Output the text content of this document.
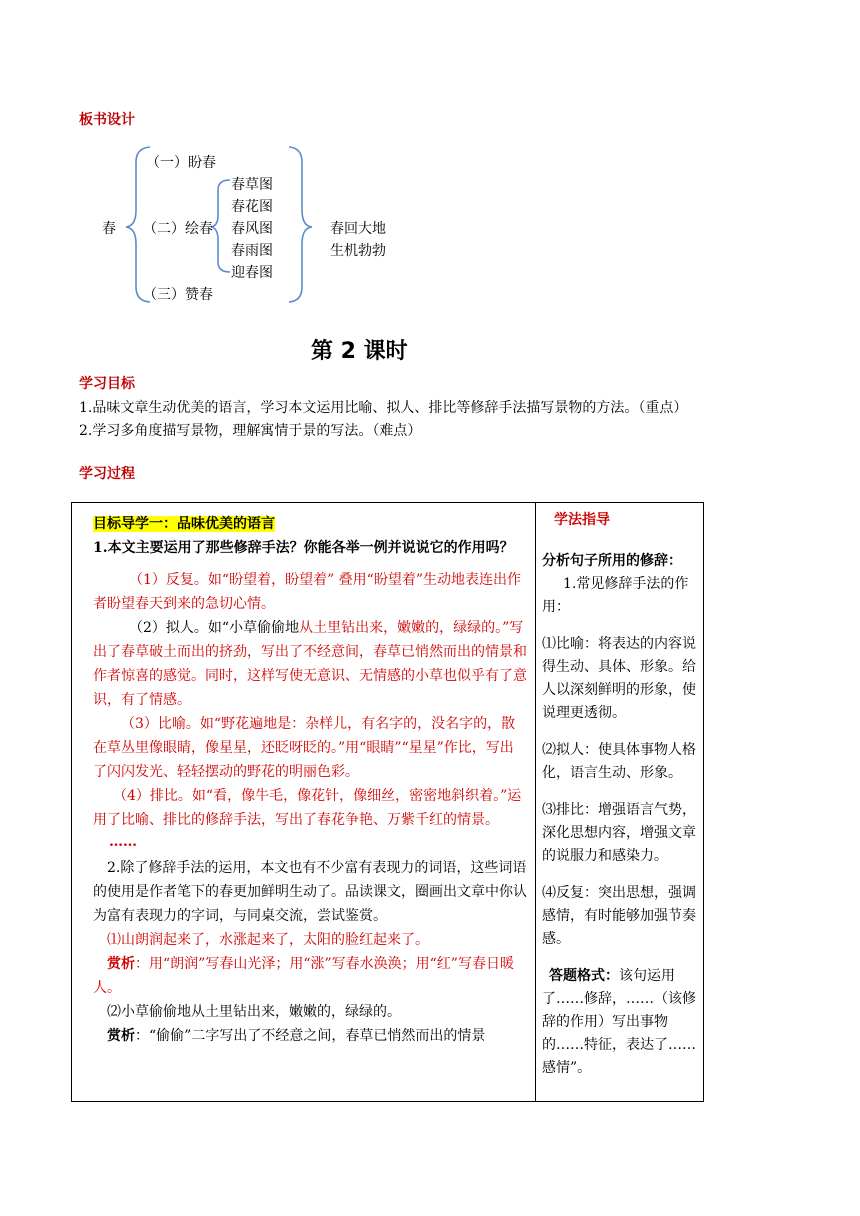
板书设计
春
（一）盼春
（二）绘春
（三）赞春
春草图
春花图
春风图
春雨图
迎春图
春回大地
生机勃勃
第 2 课时
学习目标
1.品味文章生动优美的语言，学习本文运用比喻、拟人、排比等修辞手法描写景物的方法。（重点）
2.学习多角度描写景物，理解寓情于景的写法。（难点）
学习过程
目标导学一：品味优美的语言
1.本文主要运用了那些修辞手法？你能各举一例并说说它的作用吗？
（1）反复。如“盼望着，盼望着” 叠用“盼望着”生动地表连出作者盼望春天到来的急切心情。
（2）拟人。如“小草偷偷地从土里钻出来，嫩嫩的，绿绿的。”写出了春草破土而出的挤劲，写出了不经意间，春草已悄然而出的情景和作者惊喜的感觉。同时，这样写使无意识、无情感的小草也似乎有了意识，有了情感。
（3）比喻。如“野花遍地是：杂样儿，有名字的，没名字的，散在草丛里像眼睛，像星星，还眨呀眨的。”用“眼睛”“星星”作比，写出了闪闪发光、轻轻摆动的野花的明丽色彩。
（4）排比。如“看，像牛毛，像花针，像细丝，密密地斜织着。”运用了比喻、排比的修辞手法，写出了春花争艳、万紫千红的情景。
……
2.除了修辞手法的运用，本文也有不少富有表现力的词语，这些词语的使用是作者笔下的春更加鲜明生动了。品读课文，圈画出文章中你认为富有表现力的字词，与同桌交流，尝试鉴赏。
⑴山朗润起来了，水涨起来了，太阳的脸红起来了。
赏析：用“朗润”写春山光泽；用“涨”写春水涣涣；用“红”写春日暖人。
⑵小草偷偷地从土里钻出来，嫩嫩的，绿绿的。
赏析：“偷偷”二字写出了不经意之间，春草已悄然而出的情景

学法指导
分析句子所用的修辞：
1.常见修辞手法的作用：
⑴比喻：将表达的内容说得生动、具体、形象。给人以深刻鲜明的形象，使说理更透彻。
⑵拟人：使具体事物人格化，语言生动、形象。
⑶排比：增强语言气势，深化思想内容，增强文章的说服力和感染力。
⑷反复：突出思想，强调感情，有时能够加强节奏感。
答题格式：该句运用了……修辞，……（该修辞的作用）写出事物的……特征，表达了……感情”。
